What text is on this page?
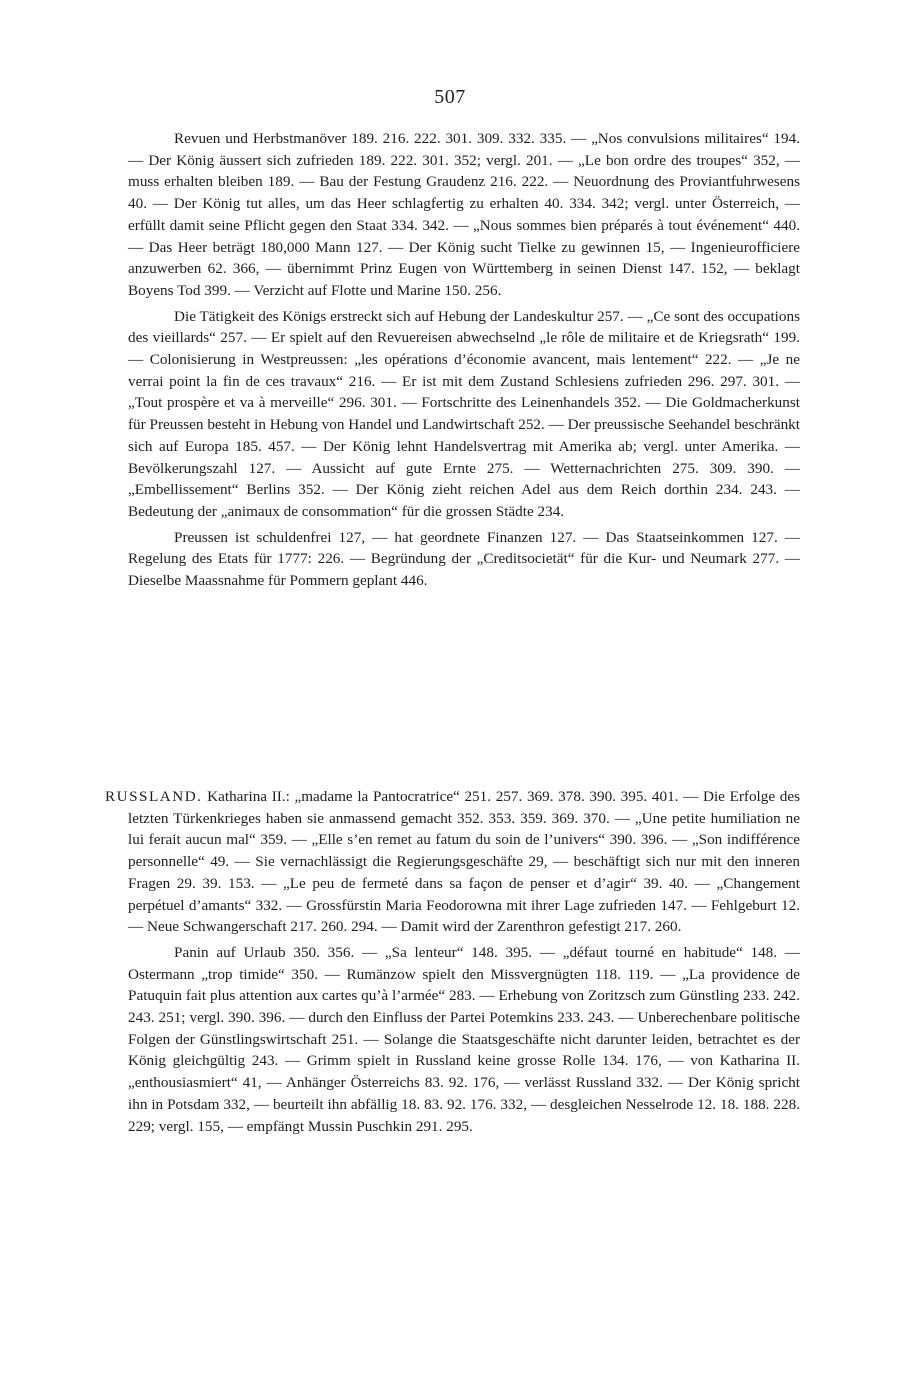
507

Revuen und Herbstmanöver 189. 216. 222. 301. 309. 332. 335. — „Nos convulsions militaires“ 194. — Der König äussert sich zufrieden 189. 222. 301. 352; vergl. 201. — „Le bon ordre des troupes“ 352, — muss erhalten bleiben 189. — Bau der Festung Graudenz 216. 222. — Neuordnung des Proviantfuhrwesens 40. — Der König tut alles, um das Heer schlagfertig zu erhalten 40. 334. 342; vergl. unter Österreich, — erfüllt damit seine Pflicht gegen den Staat 334. 342. — „Nous sommes bien préparés à tout événement“ 440. — Das Heer beträgt 180,000 Mann 127. — Der König sucht Tielke zu gewinnen 15, — Ingenieurofficiere anzuwerben 62. 366, — übernimmt Prinz Eugen von Württemberg in seinen Dienst 147. 152, — beklagt Boyens Tod 399. — Verzicht auf Flotte und Marine 150. 256.

Die Tätigkeit des Königs erstreckt sich auf Hebung der Landeskultur 257. — „Ce sont des occupations des vieillards“ 257. — Er spielt auf den Revuereisen abwechselnd „le rôle de militaire et de Kriegsrath“ 199. — Colonisierung in Westpreussen: „les opérations d’économie avancent, mais lentement“ 222. — „Je ne verrai point la fin de ces travaux“ 216. — Er ist mit dem Zustand Schlesiens zufrieden 296. 297. 301. — „Tout prospère et va à merveille“ 296. 301. — Fortschritte des Leinenhandels 352. — Die Goldmacherkunst für Preussen besteht in Hebung von Handel und Landwirtschaft 252. — Der preussische Seehandel beschränkt sich auf Europa 185. 457. — Der König lehnt Handelsvertrag mit Amerika ab; vergl. unter Amerika. — Bevölkerungszahl 127. — Aussicht auf gute Ernte 275. — Wetternachrichten 275. 309. 390. — „Embellissement“ Berlins 352. — Der König zieht reichen Adel aus dem Reich dorthin 234. 243. — Bedeutung der „animaux de consommation“ für die grossen Städte 234.

Preussen ist schuldenfrei 127, — hat geordnete Finanzen 127. — Das Staatseinkommen 127. — Regelung des Etats für 1777: 226. — Begründung der „Creditsocietät“ für die Kur- und Neumark 277. — Dieselbe Maassnahme für Pommern geplant 446.

RUSSLAND. Katharina II.: „madame la Pantocratrice“ 251. 257. 369. 378. 390. 395. 401. — Die Erfolge des letzten Türkenkrieges haben sie anmassend gemacht 352. 353. 359. 369. 370. — „Une petite humiliation ne lui ferait aucun mal“ 359. — „Elle s’en remet au fatum du soin de l’univers“ 390. 396. — „Son indifférence personnelle“ 49. — Sie vernachlässigt die Regierungsgeschäfte 29, — beschäftigt sich nur mit den inneren Fragen 29. 39. 153. — „Le peu de fermeté dans sa façon de penser et d’agir“ 39. 40. — „Changement perpétuel d’amants“ 332. — Grossfürstin Maria Feodorowna mit ihrer Lage zufrieden 147. — Fehlgeburt 12. — Neue Schwangerschaft 217. 260. 294. — Damit wird der Zarenthron gefestigt 217. 260.

Panin auf Urlaub 350. 356. — „Sa lenteur“ 148. 395. — „défaut tourné en habitude“ 148. — Ostermann „trop timide“ 350. — Rumänzow spielt den Missvergnügten 118. 119. — „La providence de Patuquin fait plus attention aux cartes qu’à l’armée“ 283. — Erhebung von Zoritzsch zum Günstling 233. 242. 243. 251; vergl. 390. 396. — durch den Einfluss der Partei Potemkins 233. 243. — Unberechenbare politische Folgen der Günstlingswirtschaft 251. — Solange die Staatsgeschäfte nicht darunter leiden, betrachtet es der König gleichgültig 243. — Grimm spielt in Russland keine grosse Rolle 134. 176, — von Katharina II. „enthousiasmiert“ 41, — Anhänger Österreichs 83. 92. 176, — verlässt Russland 332. — Der König spricht ihn in Potsdam 332, — beurteilt ihn abfällig 18. 83. 92. 176. 332, — desgleichen Nesselrode 12. 18. 188. 228. 229; vergl. 155, — empfängt Mussin Puschkin 291. 295.
